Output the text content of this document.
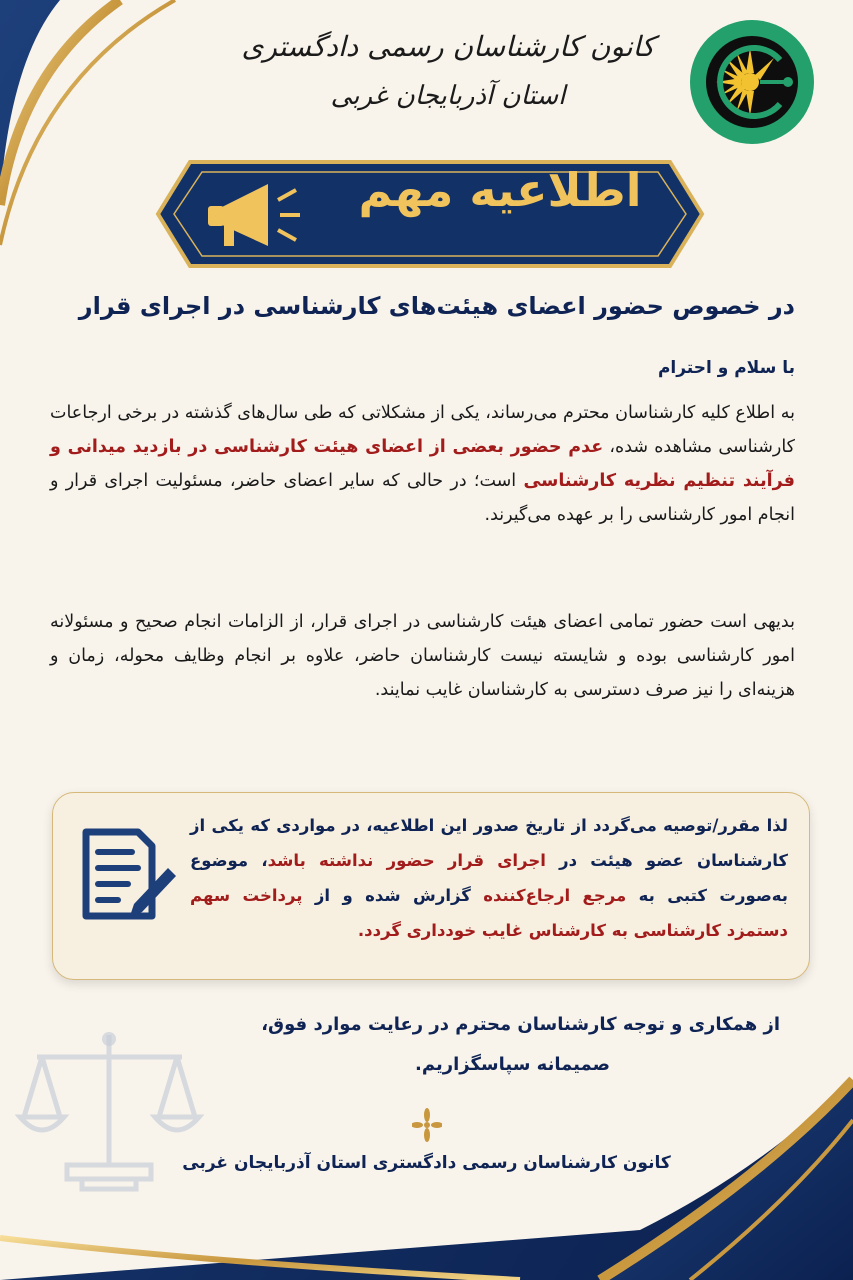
کانون کارشناسان رسمی دادگستری
استان آذربایجان غربی
اطلاعیه مهم
در خصوص حضور اعضای هیئت‌های کارشناسی در اجرای قرار
با سلام و احترام
به اطلاع کلیه کارشناسان محترم می‌رساند، یکی از مشکلاتی که طی سال‌های گذشته در برخی ارجاعات کارشناسی مشاهده شده، عدم حضور بعضی از اعضای هیئت کارشناسی در بازدید میدانی و فرآیند تنظیم نظریه کارشناسی است؛ در حالی که سایر اعضای حاضر، مسئولیت اجرای قرار و انجام امور کارشناسی را بر عهده می‌گیرند.
بدیهی است حضور تمامی اعضای هیئت کارشناسی در اجرای قرار، از الزامات انجام صحیح و مسئولانه امور کارشناسی بوده و شایسته نیست کارشناسان حاضر، علاوه بر انجام وظایف محوله، زمان و هزینه‌ای را نیز صرف دسترسی به کارشناسان غایب نمایند.
لذا مقرر/توصیه می‌گردد از تاریخ صدور این اطلاعیه، در مواردی که یکی از کارشناسان عضو هیئت در اجرای قرار حضور نداشته باشد، موضوع به‌صورت کتبی به مرجع ارجاع‌کننده گزارش شده و از پرداخت سهم دستمزد کارشناسی به کارشناس غایب خودداری گردد.
از همکاری و توجه کارشناسان محترم در رعایت موارد فوق،
صمیمانه سپاسگزاریم.
کانون کارشناسان رسمی دادگستری استان آذربایجان غربی
